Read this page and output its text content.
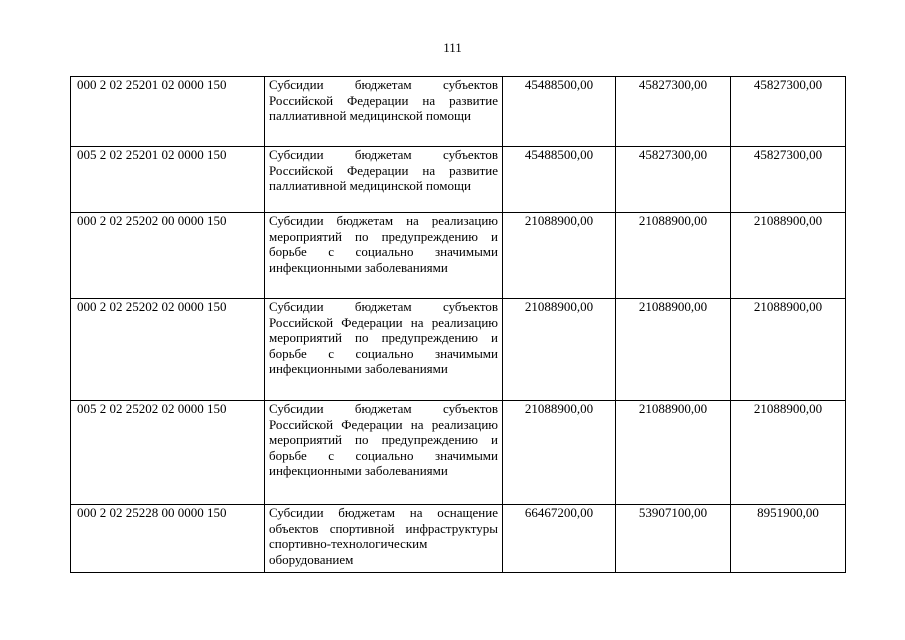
111
000 2 02 25201 02 0000 150	Субсидии бюджетам субъектов Российской Федерации на развитие паллиативной медицинской помощи	45488500,00	45827300,00	45827300,00
005 2 02 25201 02 0000 150	Субсидии бюджетам субъектов Российской Федерации на развитие паллиативной медицинской помощи	45488500,00	45827300,00	45827300,00
000 2 02 25202 00 0000 150	Субсидии бюджетам на реализацию мероприятий по предупреждению и борьбе с социально значимыми инфекционными заболеваниями	21088900,00	21088900,00	21088900,00
000 2 02 25202 02 0000 150	Субсидии бюджетам субъектов Российской Федерации на реализацию мероприятий по предупреждению и борьбе с социально значимыми инфекционными заболеваниями	21088900,00	21088900,00	21088900,00
005 2 02 25202 02 0000 150	Субсидии бюджетам субъектов Российской Федерации на реализацию мероприятий по предупреждению и борьбе с социально значимыми инфекционными заболеваниями	21088900,00	21088900,00	21088900,00
000 2 02 25228 00 0000 150	Субсидии бюджетам на оснащение объектов спортивной инфраструктуры спортивно-технологическим оборудованием	66467200,00	53907100,00	8951900,00
